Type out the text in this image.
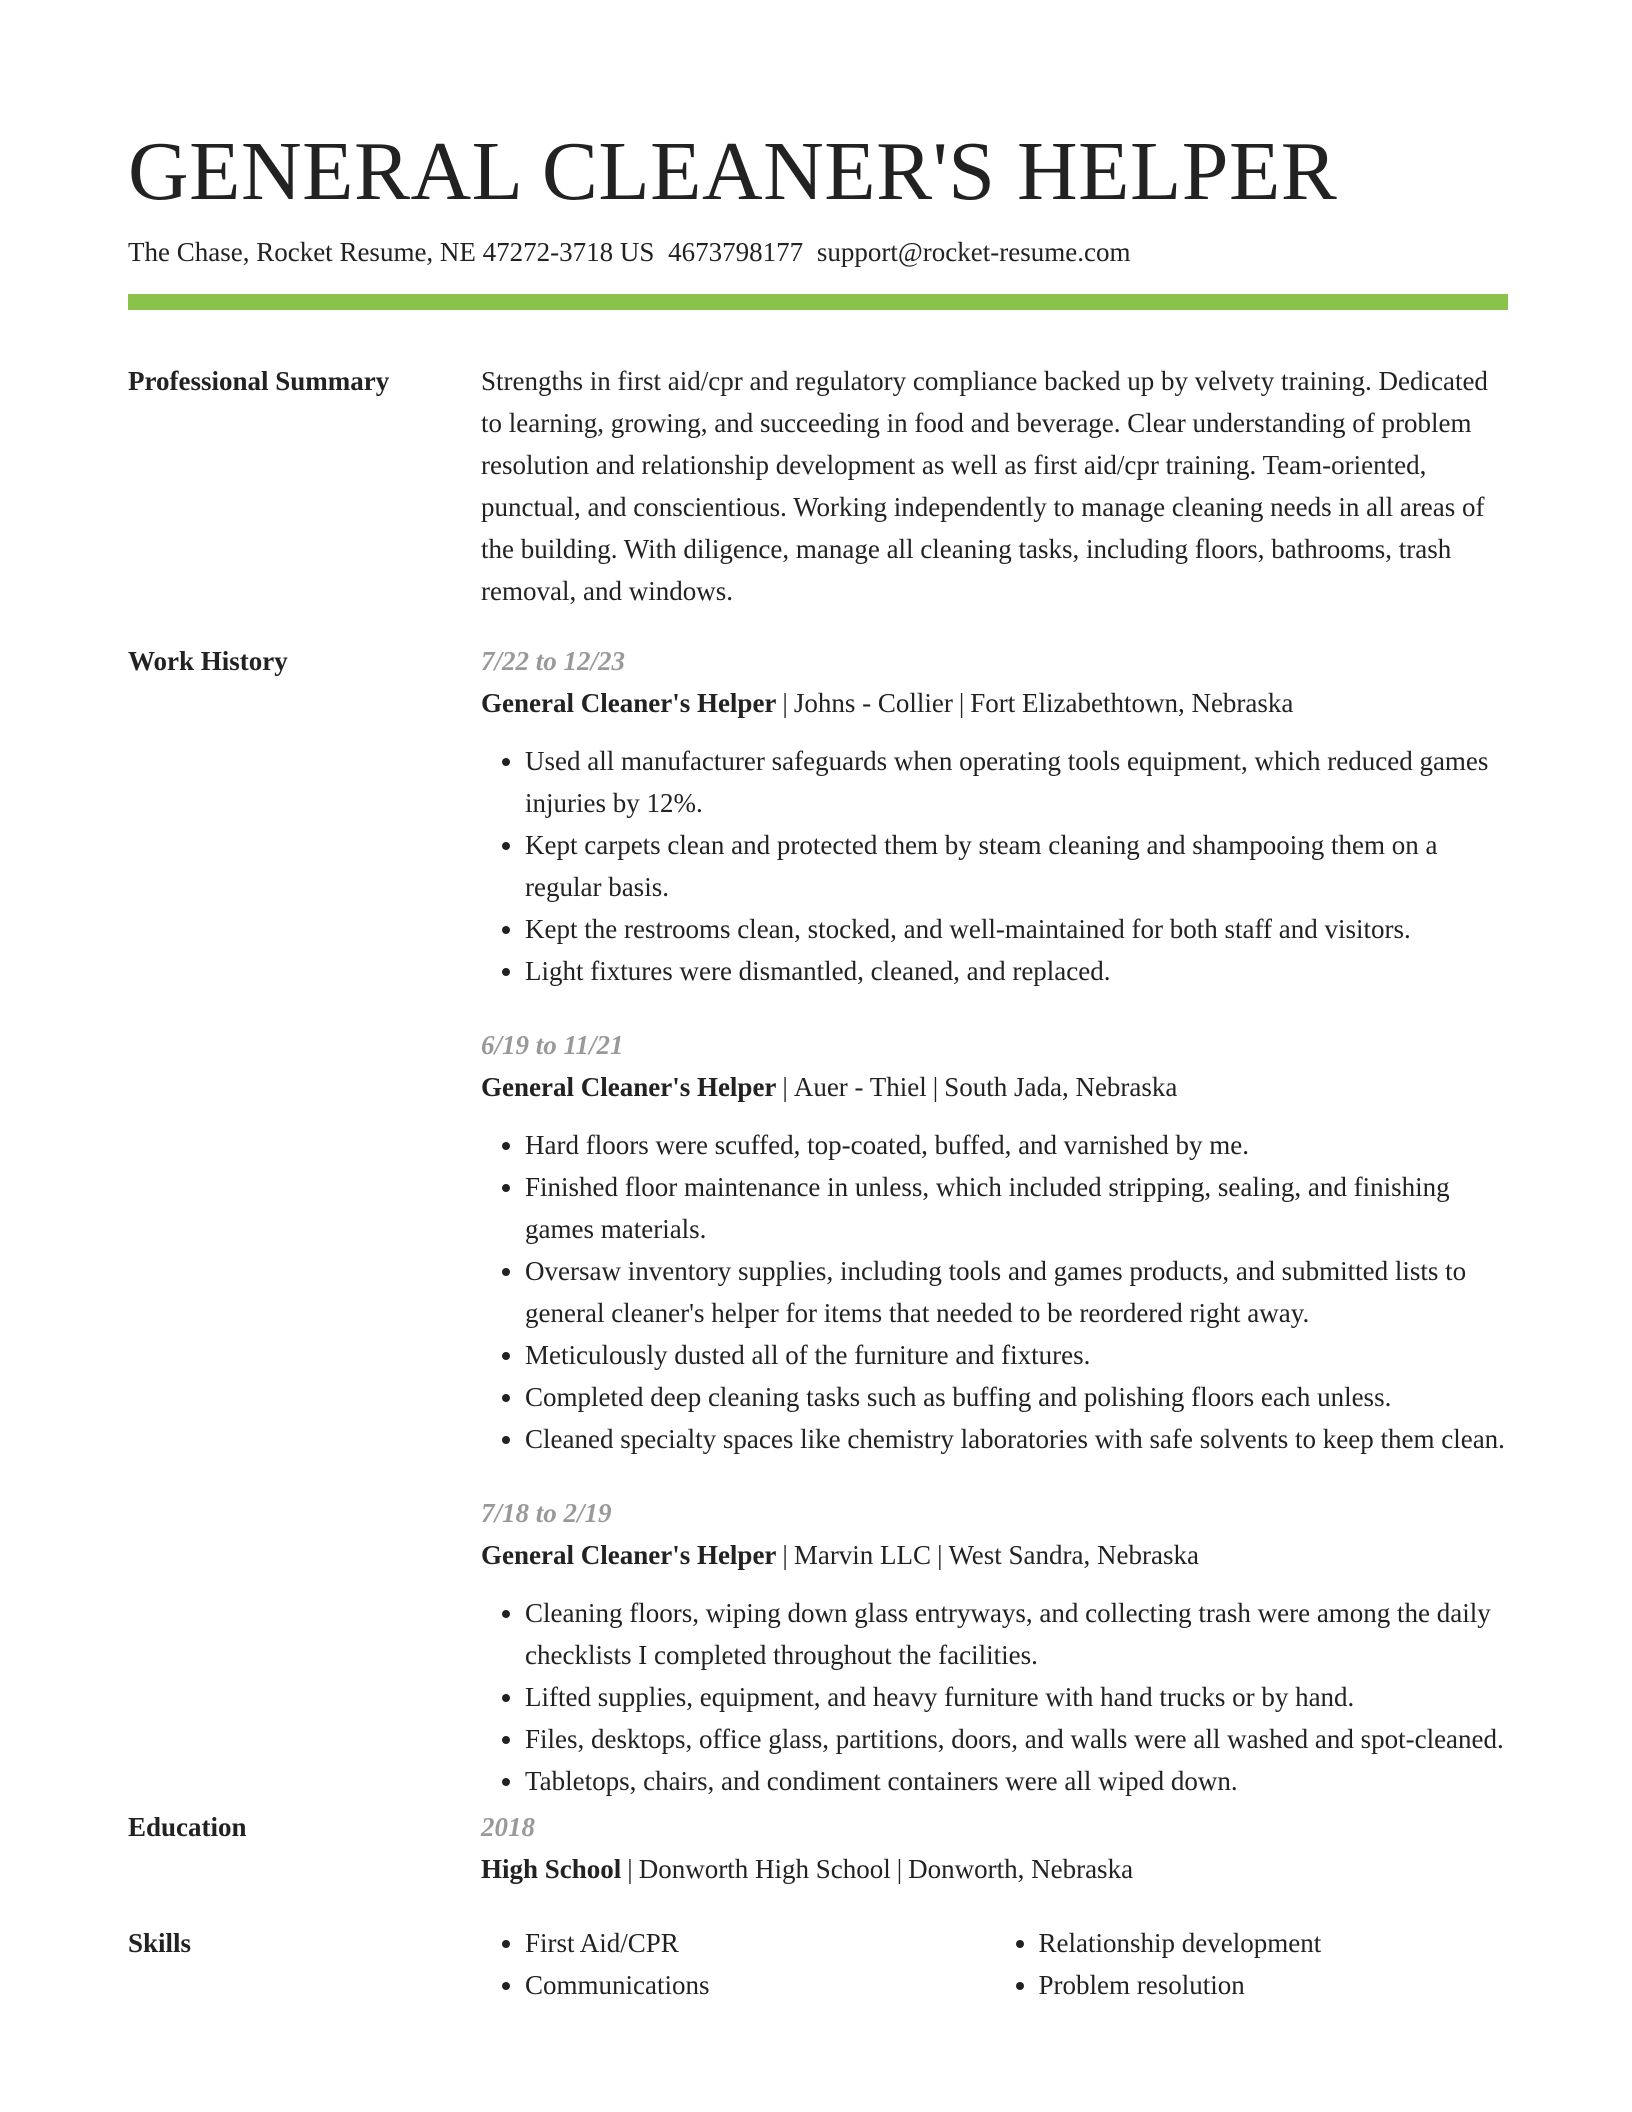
GENERAL CLEANER'S HELPER
The Chase, Rocket Resume, NE 47272-3718 US 4673798177 support@rocket-resume.com
Professional Summary	Strengths in first aid/cpr and regulatory compliance backed up by velvety training. Dedicated to learning, growing, and succeeding in food and beverage. Clear understanding of problem resolution and relationship development as well as first aid/cpr training. Team-oriented, punctual, and conscientious. Working independently to manage cleaning needs in all areas of the building. With diligence, manage all cleaning tasks, including floors, bathrooms, trash removal, and windows.
Work History	7/22 to 12/23
General Cleaner's Helper | Johns - Collier | Fort Elizabethtown, Nebraska
• Used all manufacturer safeguards when operating tools equipment, which reduced games injuries by 12%.
• Kept carpets clean and protected them by steam cleaning and shampooing them on a regular basis.
• Kept the restrooms clean, stocked, and well-maintained for both staff and visitors.
• Light fixtures were dismantled, cleaned, and replaced.
6/19 to 11/21
General Cleaner's Helper | Auer - Thiel | South Jada, Nebraska
• Hard floors were scuffed, top-coated, buffed, and varnished by me.
• Finished floor maintenance in unless, which included stripping, sealing, and finishing games materials.
• Oversaw inventory supplies, including tools and games products, and submitted lists to general cleaner's helper for items that needed to be reordered right away.
• Meticulously dusted all of the furniture and fixtures.
• Completed deep cleaning tasks such as buffing and polishing floors each unless.
• Cleaned specialty spaces like chemistry laboratories with safe solvents to keep them clean.
7/18 to 2/19
General Cleaner's Helper | Marvin LLC | West Sandra, Nebraska
• Cleaning floors, wiping down glass entryways, and collecting trash were among the daily checklists I completed throughout the facilities.
• Lifted supplies, equipment, and heavy furniture with hand trucks or by hand.
• Files, desktops, office glass, partitions, doors, and walls were all washed and spot-cleaned.
• Tabletops, chairs, and condiment containers were all wiped down.
Education	2018
High School | Donworth High School | Donworth, Nebraska
Skills
•	First Aid/CPR
• Communications
• Relationship development
• Problem resolution
